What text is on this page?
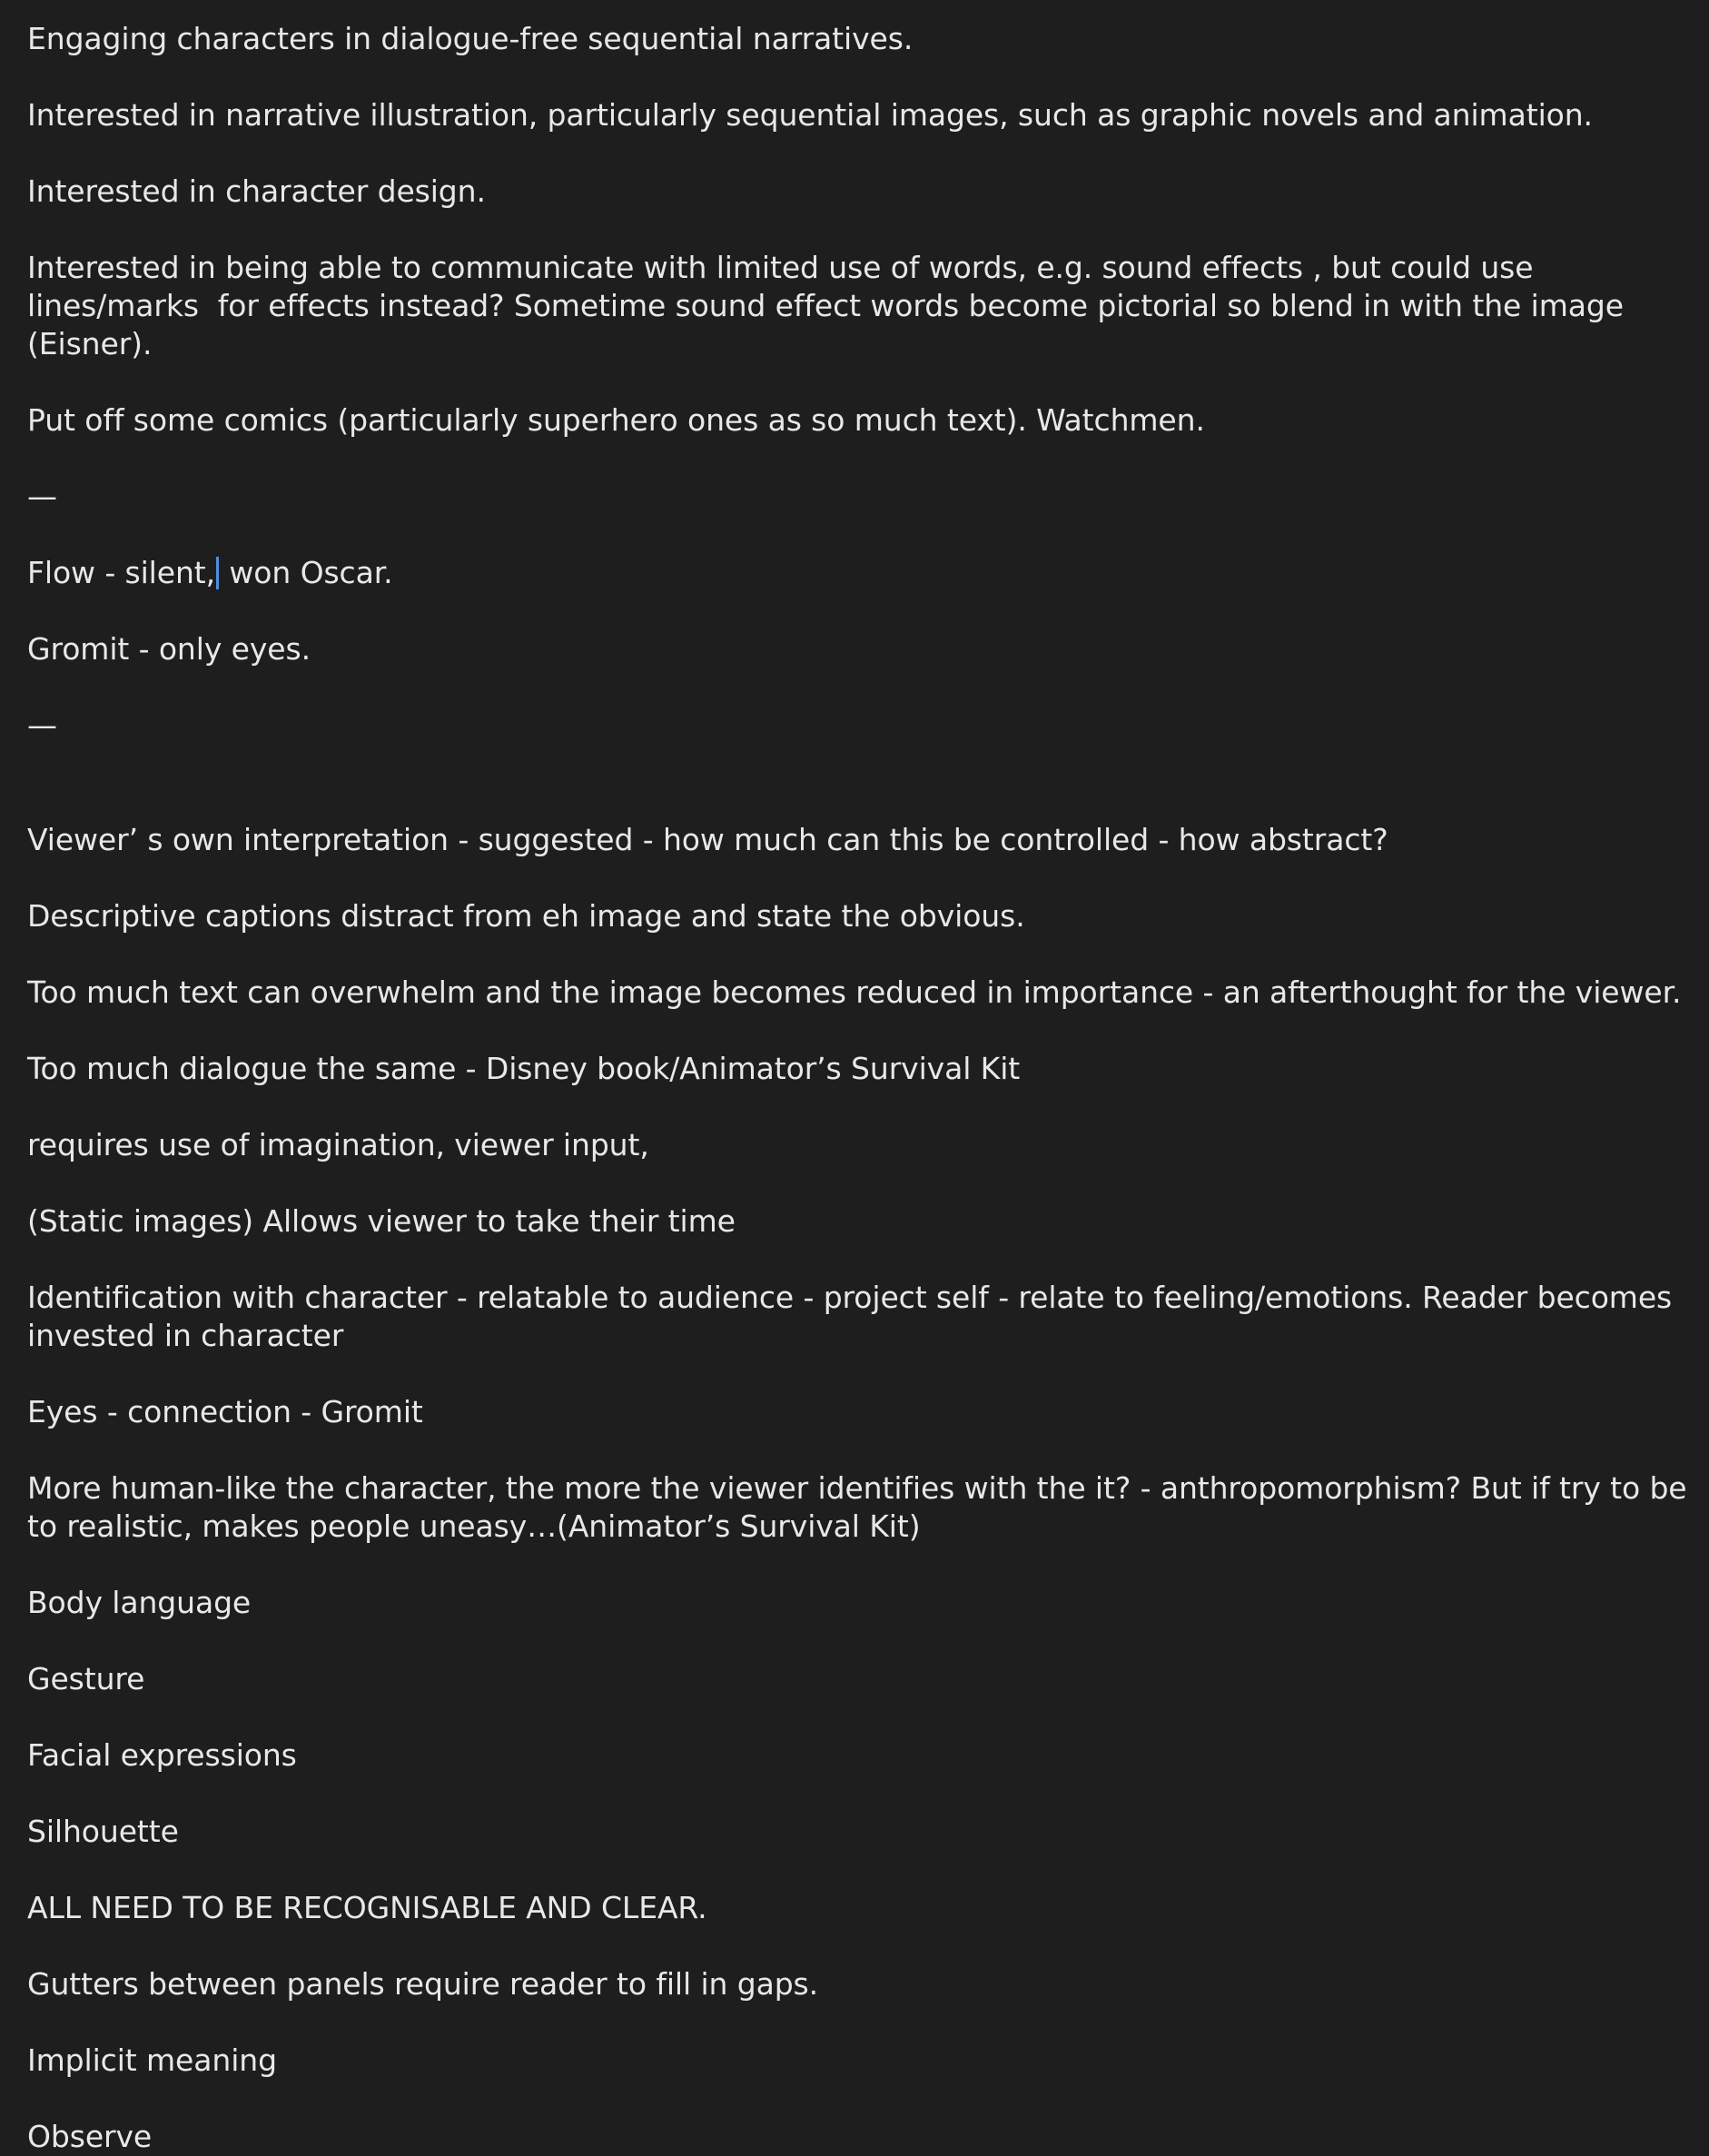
Engaging characters in dialogue-free sequential narratives.
Interested in narrative illustration, particularly sequential images, such as graphic novels and animation.
Interested in character design.
Interested in being able to communicate with limited use of words, e.g. sound effects , but could use lines/marks  for effects instead? Sometime sound effect words become pictorial so blend in with the image (Eisner).
Put off some comics (particularly superhero ones as so much text). Watchmen.
—
Flow - silent, won Oscar.
Gromit - only eyes.
—
Viewer’ s own interpretation - suggested - how much can this be controlled - how abstract?
Descriptive captions distract from eh image and state the obvious.
Too much text can overwhelm and the image becomes reduced in importance - an afterthought for the viewer.
Too much dialogue the same - Disney book/Animator’s Survival Kit
requires use of imagination, viewer input,
(Static images) Allows viewer to take their time
Identification with character - relatable to audience - project self - relate to feeling/emotions. Reader becomes invested in character
Eyes - connection - Gromit
More human-like the character, the more the viewer identifies with the it? - anthropomorphism? But if try to be to realistic, makes people uneasy…(Animator’s Survival Kit)
Body language
Gesture
Facial expressions
Silhouette
ALL NEED TO BE RECOGNISABLE AND CLEAR.
Gutters between panels require reader to fill in gaps.
Implicit meaning
Observe
